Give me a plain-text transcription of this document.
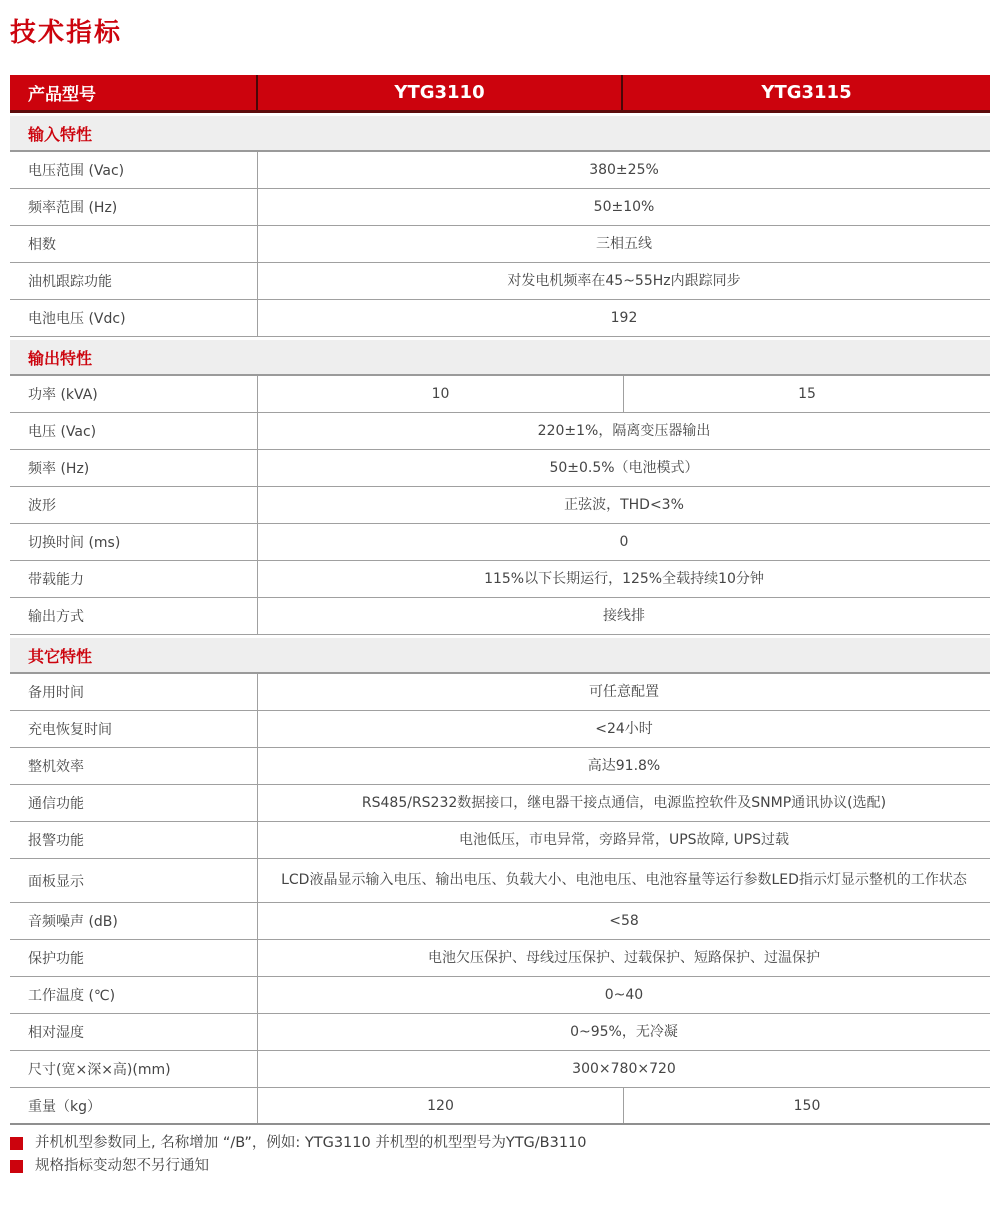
技术指标
产品型号	YTG3110	YTG3115
输入特性
电压范围 (Vac)	380±25%
频率范围 (Hz)	50±10%
相数	三相五线
油机跟踪功能	对发电机频率在45~55Hz内跟踪同步
电池电压 (Vdc)	192
输出特性
功率 (kVA)	10	15
电压 (Vac)	220±1%，隔离变压器输出
频率 (Hz)	50±0.5%（电池模式）
波形	正弦波，THD<3%
切换时间 (ms)	0
带载能力	115%以下长期运行，125%全载持续10分钟
输出方式	接线排
其它特性
备用时间	可任意配置
充电恢复时间	<24小时
整机效率	高达91.8%
通信功能	RS485/RS232数据接口，继电器干接点通信，电源监控软件及SNMP通讯协议(选配)
报警功能	电池低压，市电异常，旁路异常，UPS故障, UPS过载
面板显示	LCD液晶显示输入电压、输出电压、负载大小、电池电压、电池容量等运行参数LED指示灯显示整机的工作状态
音频噪声 (dB)	<58
保护功能	电池欠压保护、母线过压保护、过载保护、短路保护、过温保护
工作温度 (℃)	0~40
相对湿度	0~95%，无冷凝
尺寸(宽×深×高)(mm)	300×780×720
重量（kg）	120	150
并机机型参数同上, 名称增加 “/B”，例如: YTG3110 并机型的机型型号为YTG/B3110
规格指标变动恕不另行通知
